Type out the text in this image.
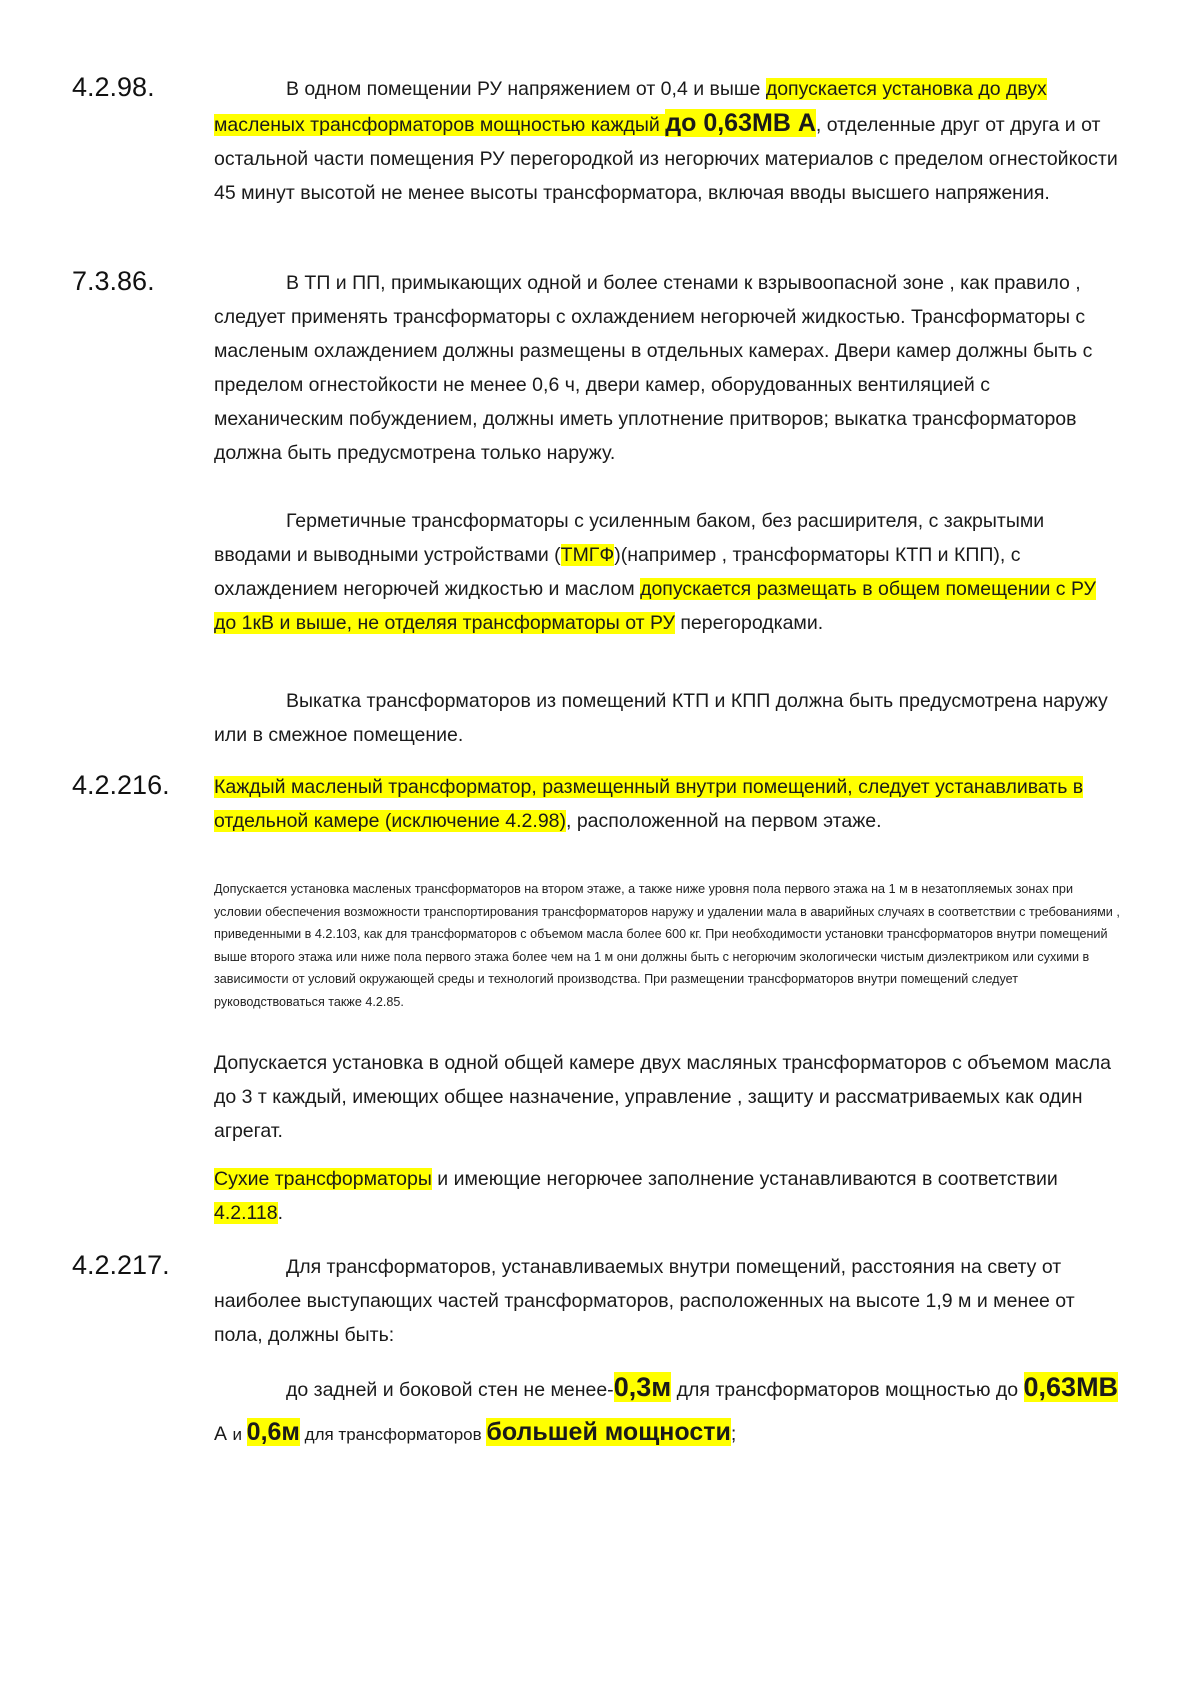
4.2.98.	В одном помещении РУ напряжением от 0,4 и выше допускается установка до двух масленых трансформаторов мощностью каждый до 0,63МВ А, отделенные друг от друга и от остальной части помещения РУ перегородкой из негорючих материалов с пределом огнестойкости 45 минут высотой не менее высоты трансформатора, включая вводы высшего напряжения.

7.3.86.	В ТП и ПП, примыкающих одной и более стенами к взрывоопасной зоне , как правило , следует применять трансформаторы с охлаждением негорючей жидкостью. Трансформаторы с масленым охлаждением должны размещены в отдельных камерах. Двери камер должны быть с пределом огнестойкости не менее 0,6 ч, двери камер, оборудованных вентиляцией с механическим побуждением, должны иметь уплотнение притворов; выкатка трансформаторов должна быть предусмотрена только наружу.

Герметичные трансформаторы с усиленным баком, без расширителя, с закрытыми вводами и выводными устройствами (ТМГФ)(например , трансформаторы КТП и КПП), с охлаждением негорючей жидкостью и маслом допускается размещать в общем помещении с РУ до 1кВ и выше, не отделяя трансформаторы от РУ перегородками.

Выкатка трансформаторов из помещений КТП и КПП должна быть предусмотрена наружу или в смежное помещение.

4.2.216. Каждый масленый трансформатор, размещенный внутри помещений, следует устанавливать в отдельной камере (исключение 4.2.98), расположенной на первом этаже.

Допускается установка масленых трансформаторов на втором этаже, а также ниже уровня пола первого этажа на 1 м в незатопляемых зонах при условии обеспечения возможности транспортирования трансформаторов наружу и удалении мала в аварийных случаях в соответствии с требованиями , приведенными в 4.2.103, как для трансформаторов с объемом масла более 600 кг. При необходимости установки трансформаторов внутри помещений выше второго этажа или ниже пола первого этажа более чем на 1 м они должны быть с негорючим экологически чистым диэлектриком или сухими в зависимости от условий окружающей среды и технологий производства. При размещении трансформаторов внутри помещений следует руководствоваться также 4.2.85.

Допускается установка в одной общей камере двух масляных трансформаторов с объемом масла до 3 т каждый, имеющих общее назначение, управление , защиту и рассматриваемых как один агрегат.

Сухие трансформаторы и имеющие негорючее заполнение устанавливаются в соответствии 4.2.118.

4.2.217.	Для трансформаторов, устанавливаемых внутри помещений, расстояния на свету от наиболее выступающих частей трансформаторов, расположенных на высоте 1,9 м и менее от пола, должны быть:

до задней и боковой стен не менее-0,3м для трансформаторов мощностью до 0,63МВ А и 0,6м для трансформаторов большей мощности;
